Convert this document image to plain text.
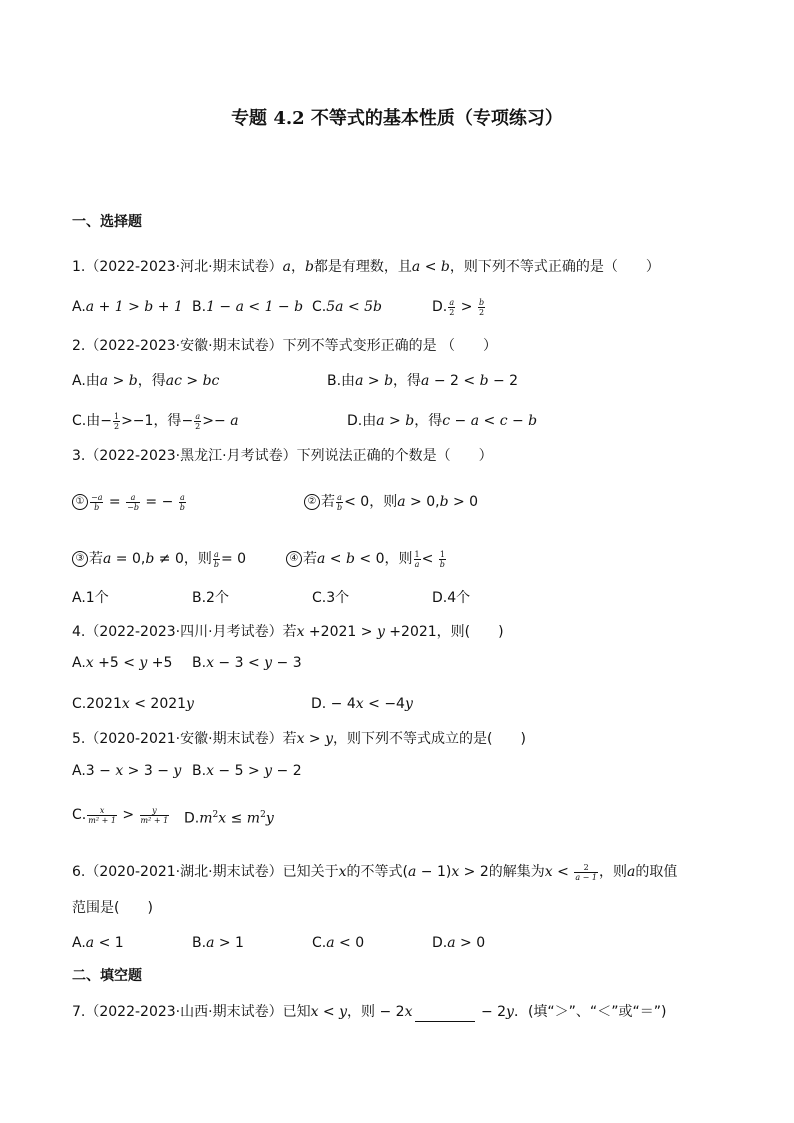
专题 4.2 不等式的基本性质（专项练习）
一、选择题
1.（2022-2023·河北·期末试卷）a，b都是有理数，且a < b，则下列不等式正确的是（　　）
A.a + 1 > b + 1 B.1 − a < 1 − b C.5a < 5b	D. $\frac{a}{2} > \frac{b}{2}$
2.（2022-2023·安徽·期末试卷）下列不等式变形正确的是 （　　）
A.由a > b，得ac > bc	B.由a > b，得a − 2 < b − 2
C.由− $\frac{1}{2} >-1$，得− $\frac{a}{2} >- a$	D.由a > b，得c − a < c − b
3.（2022-2023·黑龙江·月考试卷）下列说法正确的个数是（　　）
① $\frac{-a}{b} = \frac{a}{-b}$ = − $\frac{a}{b}$	② 若 $\frac{a}{b} < 0$，则a > 0,b > 0
③ 若a = 0,b ≠ 0，则 $\frac{a}{b} = 0$	④ 若a < b < 0，则 $\frac{1}{a} < \frac{1}{b}$
A.1个	B.2个	C.3个	D.4个
4.（2022-2023·四川·月考试卷）若x +2021 > y +2021，则(　　)
A.x +5 < y +5 B.x − 3 < y − 3
C.2021x < 2021y	D. − 4x < −4y
5.（2020-2021·安徽·期末试卷）若x > y，则下列不等式成立的是(　　)
A.3 − x > 3 − y B.x − 5 > y − 2
C. $\frac{x}{\text{m² + 1}} > \frac{y}{\text{m² + 1}} D.m^2x \le m^2y$
6.（2020-2021·湖北·期末试卷）已知关于x的不等式(a − 1)x > 2的解集为$x < \frac{2}{a - 1}$ ，则a的取值
范围是(　　)
A.a < 1	B.a > 1	C.a < 0	D.a > 0
二、填空题
7.（2022-2023·山西·期末试卷）已知x < y，则 − 2x	− 2y．(填“＞”、“＜”或“＝”)
